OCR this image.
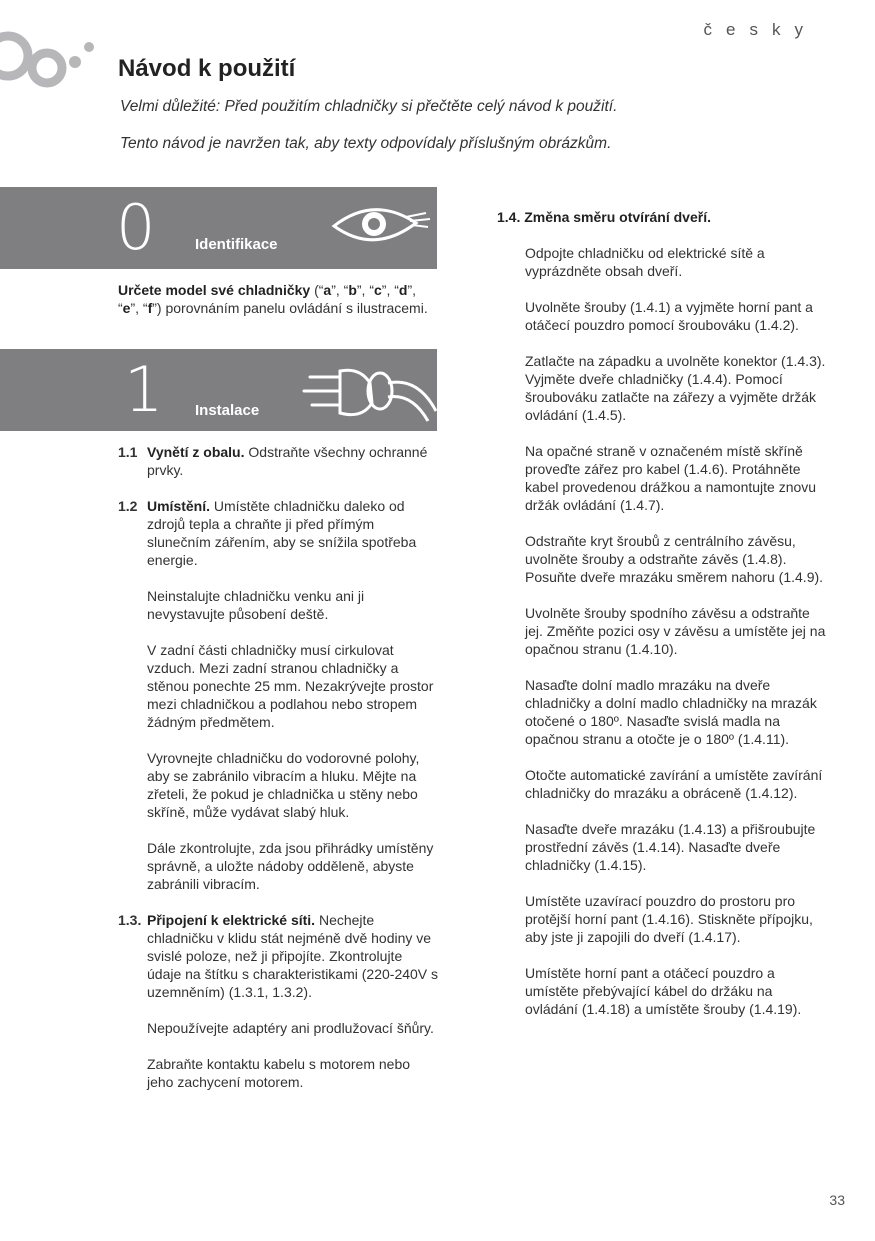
česky
Návod k použití
Velmi důležité: Před použitím chladničky si přečtěte celý návod k použití.
Tento návod je navržen tak, aby texty odpovídaly příslušným obrázkům.
0	Identifikace

Určete model své chladničky (“a”, “b”, “c”, “d”, “e”, “f”) porovnáním panelu ovládání s ilustracemi.

1 Instalace
1.1 Vynětí z obalu. Odstraňte všechny ochranné prvky.
1.2 Umístění. Umístěte chladničku daleko od zdrojů tepla a chraňte ji před přímým slunečním zářením, aby se snížila spotřeba energie.

Neinstalujte chladničku venku ani ji nevystavujte působení deště.

V zadní části chladničky musí cirkulovat vzduch. Mezi zadní stranou chladničky a stěnou ponechte 25 mm. Nezakrývejte prostor mezi chladničkou a podlahou nebo stropem žádným předmětem.

Vyrovnejte chladničku do vodorovné polohy, aby se zabránilo vibracím a hluku. Mějte na zřeteli, že pokud je chladnička u stěny nebo skříně, může vydávat slabý hluk.

Dále zkontrolujte, zda jsou přihrádky umístěny správně, a uložte nádoby odděleně, abyste zabránili vibracím.

1.3. Připojení k elektrické síti. Nechejte chladničku v klidu stát nejméně dvě hodiny ve svislé poloze, než ji připojíte. Zkontrolujte údaje na štítku s charakteristikami (220-240V s uzemněním) (1.3.1, 1.3.2).

Nepoužívejte adaptéry ani prodlužovací šňůry.

Zabraňte kontaktu kabelu s motorem nebo jeho zachycení motorem.

1.4. Změna směru otvírání dveří.

Odpojte chladničku od elektrické sítě a vyprázdněte obsah dveří.

Uvolněte šrouby (1.4.1) a vyjměte horní pant a otáčecí pouzdro pomocí šroubováku (1.4.2).

Zatlačte na západku a uvolněte konektor (1.4.3). Vyjměte dveře chladničky (1.4.4). Pomocí šroubováku zatlačte na zářezy a vyjměte držák ovládání (1.4.5).

Na opačné straně v označeném místě skříně proveďte zářez pro kabel (1.4.6). Protáhněte kabel provedenou drážkou a namontujte znovu držák ovládání (1.4.7).

Odstraňte kryt šroubů z centrálního závěsu, uvolněte šrouby a odstraňte závěs (1.4.8). Posuňte dveře mrazáku směrem nahoru (1.4.9).

Uvolněte šrouby spodního závěsu a odstraňte jej. Změňte pozici osy v závěsu a umístěte jej na opačnou stranu (1.4.10).

Nasaďte dolní madlo mrazáku na dveře chladničky a dolní madlo chladničky na mrazák otočené o 180º. Nasaďte svislá madla na opačnou stranu a otočte je o 180º (1.4.11).

Otočte automatické zavírání a umístěte zavírání chladničky do mrazáku a obráceně (1.4.12).

Nasaďte dveře mrazáku (1.4.13) a přišroubujte prostřední závěs (1.4.14). Nasaďte dveře chladničky (1.4.15).

Umístěte uzavírací pouzdro do prostoru pro protější horní pant (1.4.16). Stiskněte přípojku, aby jste ji zapojili do dveří (1.4.17).

Umístěte horní pant a otáčecí pouzdro a umístěte přebývající kábel do držáku na ovládání (1.4.18) a umístěte šrouby (1.4.19).

33
